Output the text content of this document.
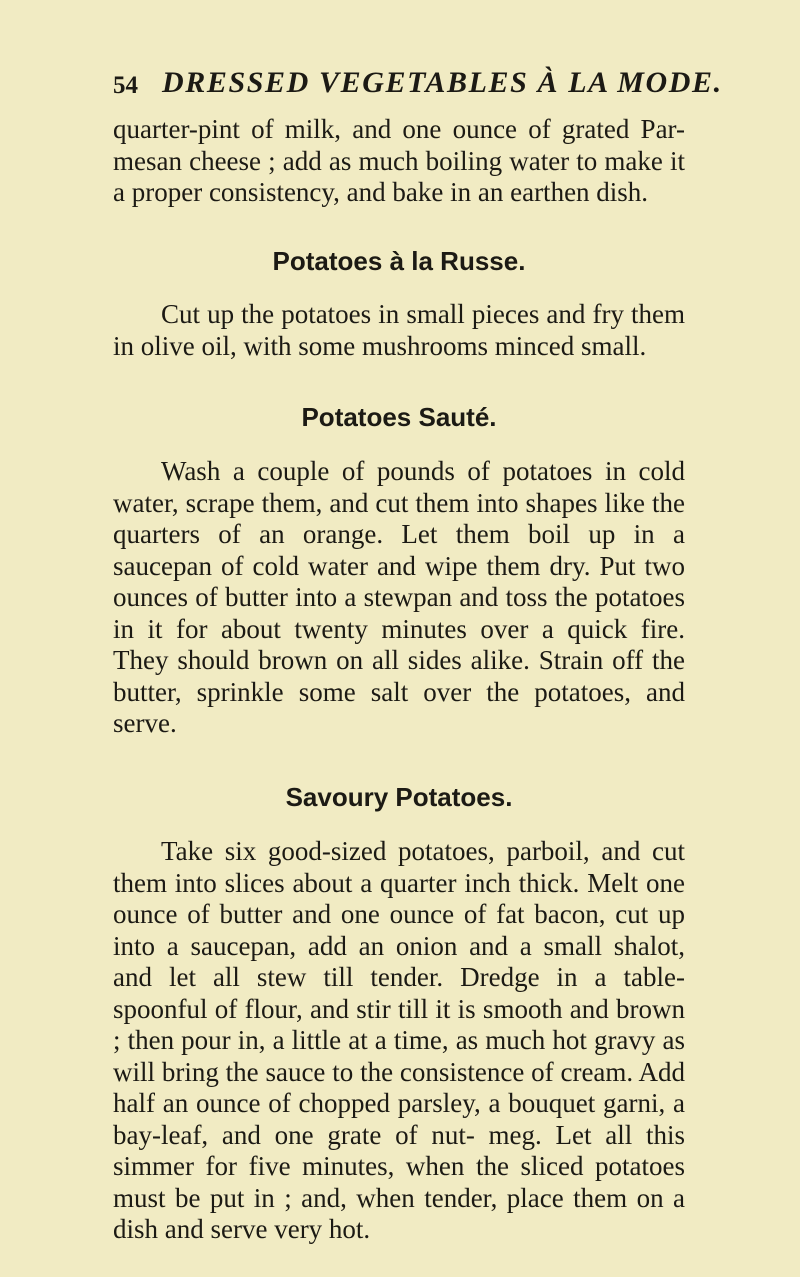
54 DRESSED VEGETABLES À LA MODE.

quarter-pint of milk, and one ounce of grated Par- mesan cheese ; add as much boiling water to make it a proper consistency, and bake in an earthen dish.

Potatoes à la Russe.

Cut up the potatoes in small pieces and fry them in olive oil, with some mushrooms minced small.

Potatoes Sauté.

Wash a couple of pounds of potatoes in cold water, scrape them, and cut them into shapes like the quarters of an orange. Let them boil up in a saucepan of cold water and wipe them dry. Put two ounces of butter into a stewpan and toss the potatoes in it for about twenty minutes over a quick fire. They should brown on all sides alike. Strain off the butter, sprinkle some salt over the potatoes, and serve.

Savoury Potatoes.

Take six good-sized potatoes, parboil, and cut them into slices about a quarter inch thick. Melt one ounce of butter and one ounce of fat bacon, cut up into a saucepan, add an onion and a small shalot, and let all stew till tender. Dredge in a table- spoonful of flour, and stir till it is smooth and brown ; then pour in, a little at a time, as much hot gravy as will bring the sauce to the consistence of cream. Add half an ounce of chopped parsley, a bouquet garni, a bay-leaf, and one grate of nut- meg. Let all this simmer for five minutes, when the sliced potatoes must be put in ; and, when tender, place them on a dish and serve very hot.
